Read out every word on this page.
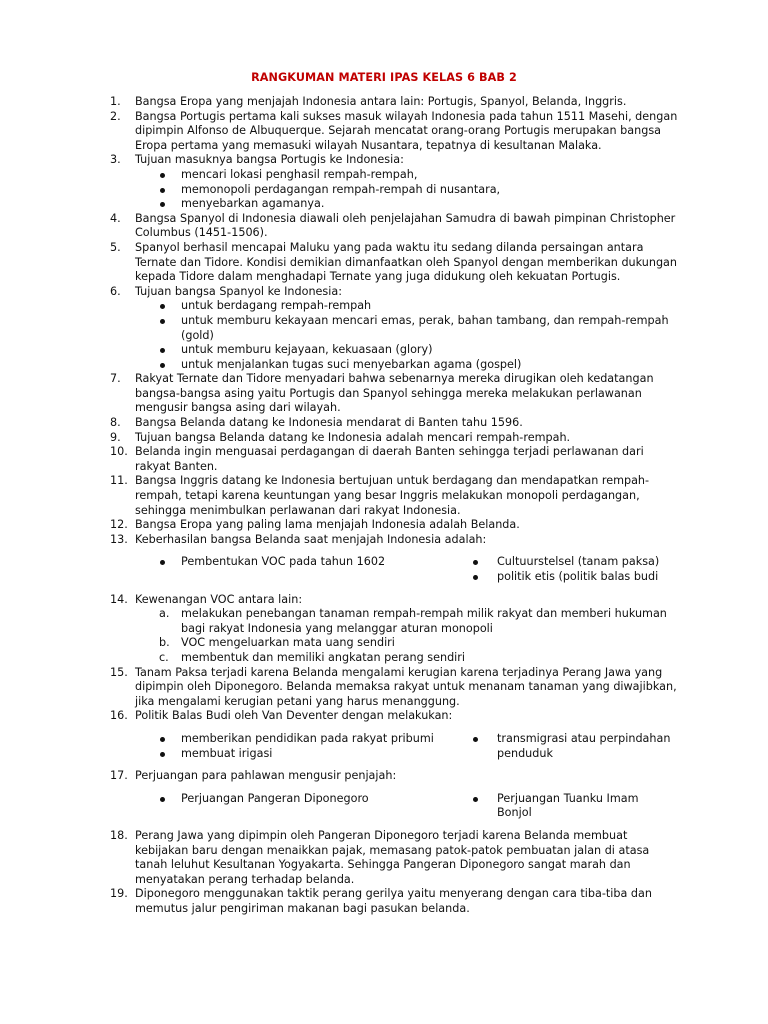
RANGKUMAN MATERI IPAS KELAS 6 BAB 2
1. Bangsa Eropa yang menjajah Indonesia antara lain: Portugis, Spanyol, Belanda, Inggris.
2. Bangsa Portugis pertama kali sukses masuk wilayah Indonesia pada tahun 1511 Masehi, dengan dipimpin Alfonso de Albuquerque. Sejarah mencatat orang-orang Portugis merupakan bangsa Eropa pertama yang memasuki wilayah Nusantara, tepatnya di kesultanan Malaka.
3. Tujuan masuknya bangsa Portugis ke Indonesia:
mencari lokasi penghasil rempah-rempah,
memonopoli perdagangan rempah-rempah di nusantara,
menyebarkan agamanya.
4. Bangsa Spanyol di Indonesia diawali oleh penjelajahan Samudra di bawah pimpinan Christopher Columbus (1451-1506).
5. Spanyol berhasil mencapai Maluku yang pada waktu itu sedang dilanda persaingan antara Ternate dan Tidore. Kondisi demikian dimanfaatkan oleh Spanyol dengan memberikan dukungan kepada Tidore dalam menghadapi Ternate yang juga didukung oleh kekuatan Portugis.
6. Tujuan bangsa Spanyol ke Indonesia:
untuk berdagang rempah-rempah
untuk memburu kekayaan mencari emas, perak, bahan tambang, dan rempah-rempah (gold)
untuk memburu kejayaan, kekuasaan (glory)
untuk menjalankan tugas suci menyebarkan agama (gospel)
7. Rakyat Ternate dan Tidore menyadari bahwa sebenarnya mereka dirugikan oleh kedatangan bangsa-bangsa asing yaitu Portugis dan Spanyol sehingga mereka melakukan perlawanan mengusir bangsa asing dari wilayah.
8. Bangsa Belanda datang ke Indonesia mendarat di Banten tahu 1596.
9. Tujuan bangsa Belanda datang ke Indonesia adalah mencari rempah-rempah.
10. Belanda ingin menguasai perdagangan di daerah Banten sehingga terjadi perlawanan dari rakyat Banten.
11. Bangsa Inggris datang ke Indonesia bertujuan untuk berdagang dan mendapatkan rempah-rempah, tetapi karena keuntungan yang besar Inggris melakukan monopoli perdagangan, sehingga menimbulkan perlawanan dari rakyat Indonesia.
12. Bangsa Eropa yang paling lama menjajah Indonesia adalah Belanda.
13. Keberhasilan bangsa Belanda saat menjajah Indonesia adalah:
Pembentukan VOC pada tahun 1602	Cultuurstelsel (tanam paksa)
politik etis (politik balas budi
14. Kewenangan VOC antara lain:
a. melakukan penebangan tanaman rempah-rempah milik rakyat dan memberi hukuman bagi rakyat Indonesia yang melanggar aturan monopoli
b. VOC mengeluarkan mata uang sendiri
c. membentuk dan memiliki angkatan perang sendiri
15. Tanam Paksa terjadi karena Belanda mengalami kerugian karena terjadinya Perang Jawa yang dipimpin oleh Diponegoro. Belanda memaksa rakyat untuk menanam tanaman yang diwajibkan, jika mengalami kerugian petani yang harus menanggung.
16. Politik Balas Budi oleh Van Deventer dengan melakukan:
memberikan pendidikan pada rakyat pribumi
membuat irigasi
transmigrasi atau perpindahan penduduk
17. Perjuangan para pahlawan mengusir penjajah:
Perjuangan Pangeran Diponegoro	Perjuangan Tuanku Imam Bonjol
18. Perang Jawa yang dipimpin oleh Pangeran Diponegoro terjadi karena Belanda membuat kebijakan baru dengan menaikkan pajak, memasang patok-patok pembuatan jalan di atasa tanah leluhut Kesultanan Yogyakarta. Sehingga Pangeran Diponegoro sangat marah dan menyatakan perang terhadap belanda.
19. Diponegoro menggunakan taktik perang gerilya yaitu menyerang dengan cara tiba-tiba dan memutus jalur pengiriman makanan bagi pasukan belanda.
